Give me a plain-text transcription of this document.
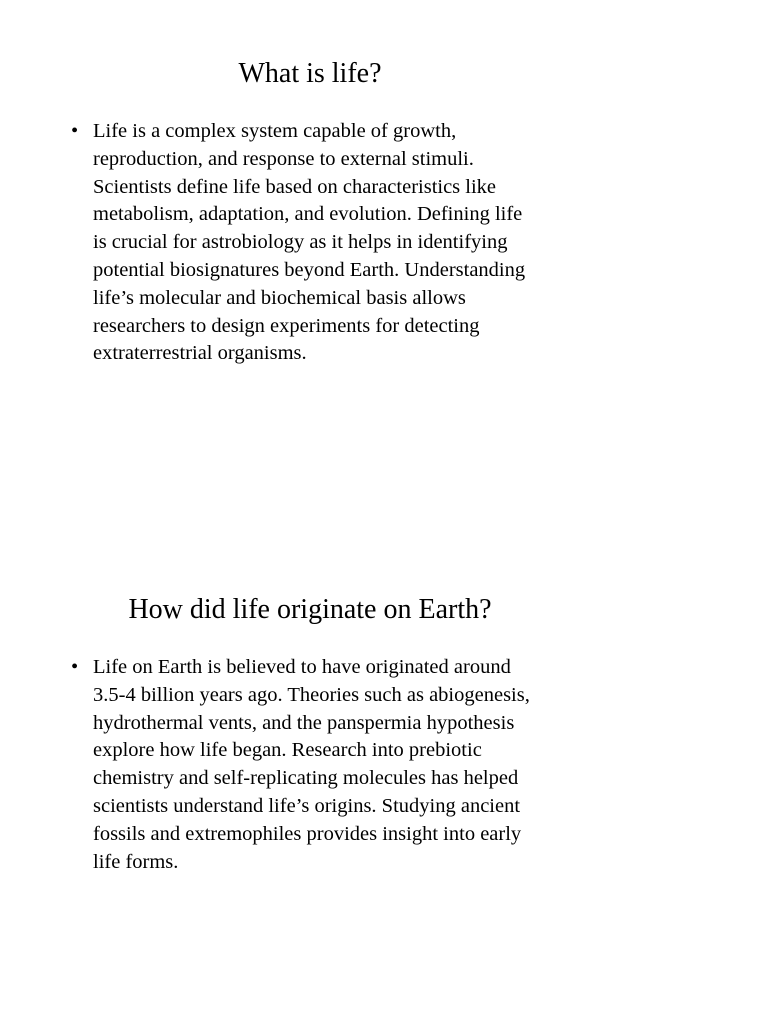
What is life?

• Life is a complex system capable of growth, reproduction, and response to external stimuli. Scientists define life based on characteristics like metabolism, adaptation, and evolution. Defining life is crucial for astrobiology as it helps in identifying potential biosignatures beyond Earth. Understanding life’s molecular and biochemical basis allows researchers to design experiments for detecting extraterrestrial organisms.

How did life originate on Earth?

• Life on Earth is believed to have originated around 3.5-4 billion years ago. Theories such as abiogenesis, hydrothermal vents, and the panspermia hypothesis explore how life began. Research into prebiotic chemistry and self-replicating molecules has helped scientists understand life’s origins. Studying ancient fossils and extremophiles provides insight into early life forms.
